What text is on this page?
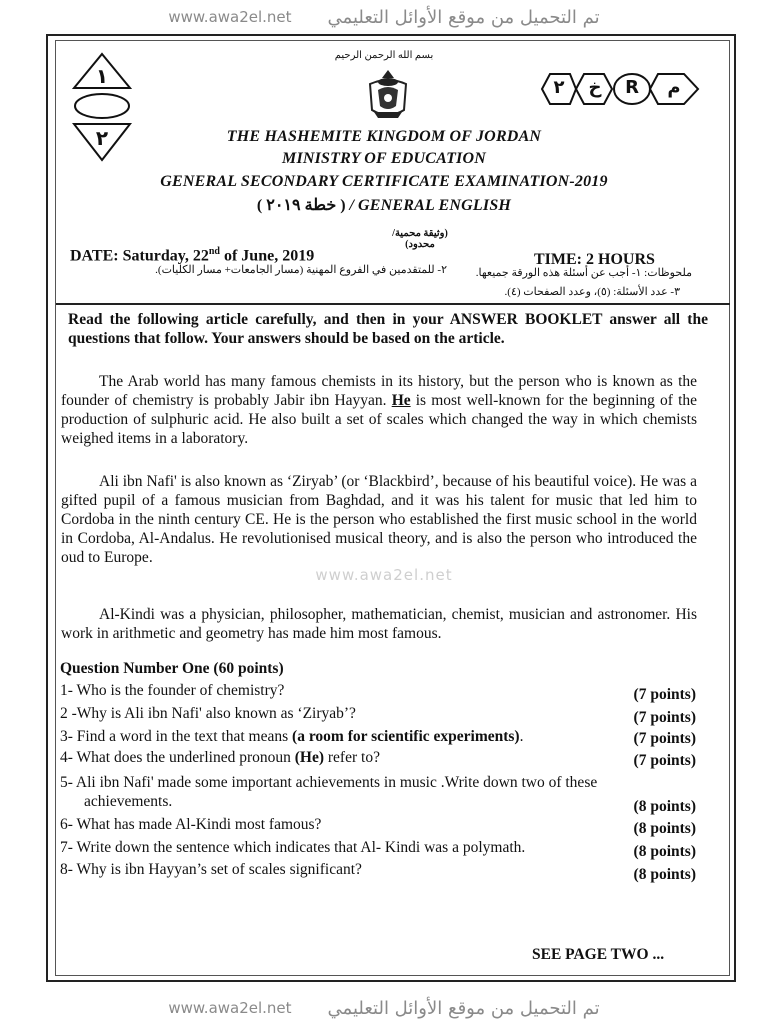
www.awa2el.net تم التحميل من موقع الأوائل التعليمي
بسم الله الرحمن الرحيم
١
٢
٢	خ	R	م
THE HASHEMITE KINGDOM OF JORDAN
MINISTRY OF EDUCATION
GENERAL SECONDARY CERTIFICATE EXAMINATION-2019
( خطة ٢٠١٩ ) / GENERAL ENGLISH
(وثيقة محمية/محدود)
DATE: Saturday, 22nd of June, 2019	TIME: 2 HOURS
٢- للمتقدمين في الفروع المهنية (مسار الجامعات+ مسار الكليات).	ملحوظات: ١- أجب عن أسئلة هذه الورقة جميعها.
٣- عدد الأسئلة: (٥)، وعدد الصفحات (٤).
Read the following article carefully, and then in your ANSWER BOOKLET answer all the questions that follow. Your answers should be based on the article.
The Arab world has many famous chemists in its history, but the person who is known as the founder of chemistry is probably Jabir ibn Hayyan. He is most well-known for the beginning of the production of sulphuric acid. He also built a set of scales which changed the way in which chemists weighed items in a laboratory.
Ali ibn Nafi' is also known as ‘Ziryab’ (or ‘Blackbird’, because of his beautiful voice). He was a gifted pupil of a famous musician from Baghdad, and it was his talent for music that led him to Cordoba in the ninth century CE. He is the person who established the first music school in the world in Cordoba, Al-Andalus. He revolutionised musical theory, and is also the person who introduced the oud to Europe.
www.awa2el.net
Al-Kindi was a physician, philosopher, mathematician, chemist, musician and astronomer. His work in arithmetic and geometry has made him most famous.
Question Number One (60 points)
1- Who is the founder of chemistry?	(7 points)
2 -Why is Ali ibn Nafi' also known as ‘Ziryab’?	(7 points)
3- Find a word in the text that means (a room for scientific experiments).	(7 points)
4- What does the underlined pronoun (He) refer to?	(7 points)
5- Ali ibn Nafi' made some important achievements in music .Write down two of these
achievements.	(8 points)
6- What has made Al-Kindi most famous?	(8 points)
7- Write down the sentence which indicates that Al- Kindi was a polymath.	(8 points)
8- Why is ibn Hayyan’s set of scales significant?	(8 points)
SEE PAGE TWO ...
www.awa2el.net تم التحميل من موقع الأوائل التعليمي
